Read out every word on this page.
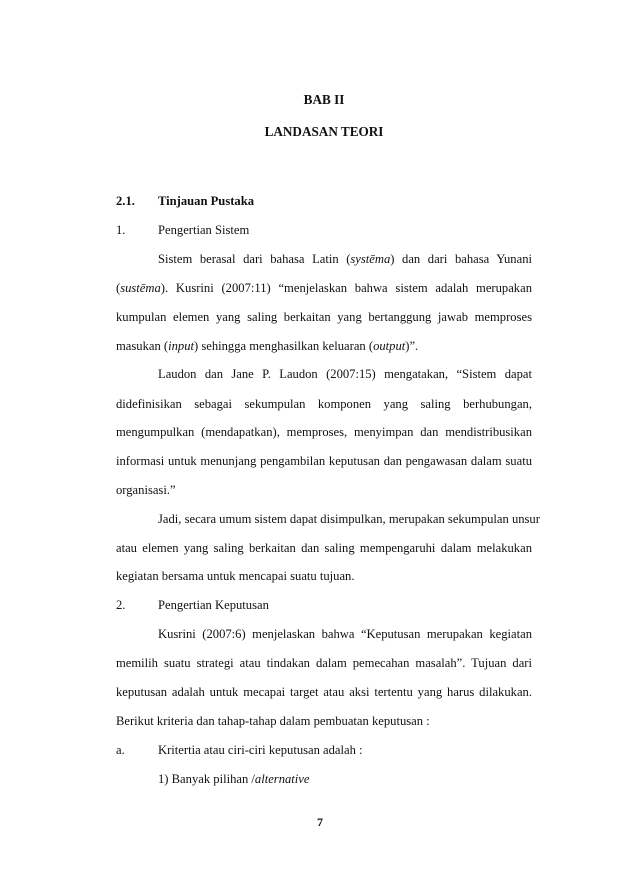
BAB II
LANDASAN TEORI
2.1. Tinjauan Pustaka
1.	Pengertian Sistem
Sistem berasal dari bahasa Latin (systēma) dan dari bahasa Yunani
(sustēma). Kusrini (2007:11) “menjelaskan bahwa sistem adalah merupakan
kumpulan elemen yang saling berkaitan yang bertanggung jawab memproses
masukan (input) sehingga menghasilkan keluaran (output)”.
Laudon dan Jane P. Laudon (2007:15) mengatakan, “Sistem dapat
didefinisikan sebagai sekumpulan komponen yang saling berhubungan,
mengumpulkan (mendapatkan), memproses, menyimpan dan mendistribusikan
informasi untuk menunjang pengambilan keputusan dan pengawasan dalam suatu
organisasi.”
Jadi, secara umum sistem dapat disimpulkan, merupakan sekumpulan unsur
atau elemen yang saling berkaitan dan saling mempengaruhi dalam melakukan
kegiatan bersama untuk mencapai suatu tujuan.
2.	Pengertian Keputusan
Kusrini (2007:6) menjelaskan bahwa “Keputusan merupakan kegiatan
memilih suatu strategi atau tindakan dalam pemecahan masalah”. Tujuan dari
keputusan adalah untuk mecapai target atau aksi tertentu yang harus dilakukan.
Berikut kriteria dan tahap-tahap dalam pembuatan keputusan :
a.	Kritertia atau ciri-ciri keputusan adalah :
1) Banyak pilihan /alternative
7
